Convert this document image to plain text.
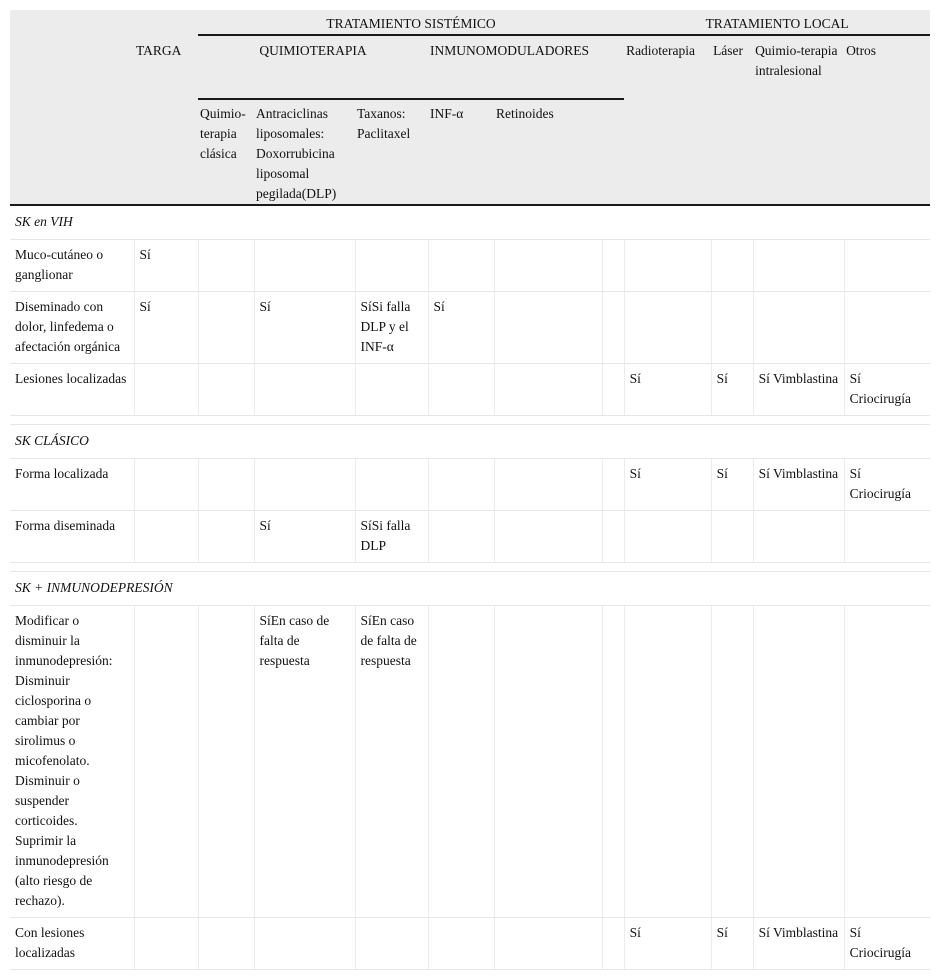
		TRATAMIENTO SISTÉMICO						TRATAMIENTO LOCAL			
	TARGA	QUIMIOTERAPIA			INMUNOMODULADORES			Radioterapia	Láser	Quimio-terapia intralesional	Otros
		Quimio-terapia clásica	Antraciclinas liposomales: Doxorrubicina liposomal pegilada(DLP)	Taxanos: Paclitaxel	INF-α	Retinoides					
SK en VIH											
Muco-cutáneo o ganglionar	Sí										
Diseminado con dolor, linfedema o afectación orgánica	Sí		Sí	SíSi falla DLP y el INF-α	Sí						
Lesiones localizadas								Sí	Sí	Sí Vimblastina	Sí Criocirugía

SK CLÁSICO											
Forma localizada								Sí	Sí	Sí Vimblastina	Sí Criocirugía
Forma diseminada			Sí	SíSi falla DLP							

SK + INMUNODEPRESIÓN											
Modificar o disminuir la inmunodepresión: Disminuir ciclosporina o cambiar por sirolimus o micofenolato. Disminuir o suspender corticoides. Suprimir la inmunodepresión (alto riesgo de rechazo).			SíEn caso de falta de respuesta	SíEn caso de falta de respuesta							
Con lesiones localizadas								Sí	Sí	Sí Vimblastina	Sí Criocirugía
